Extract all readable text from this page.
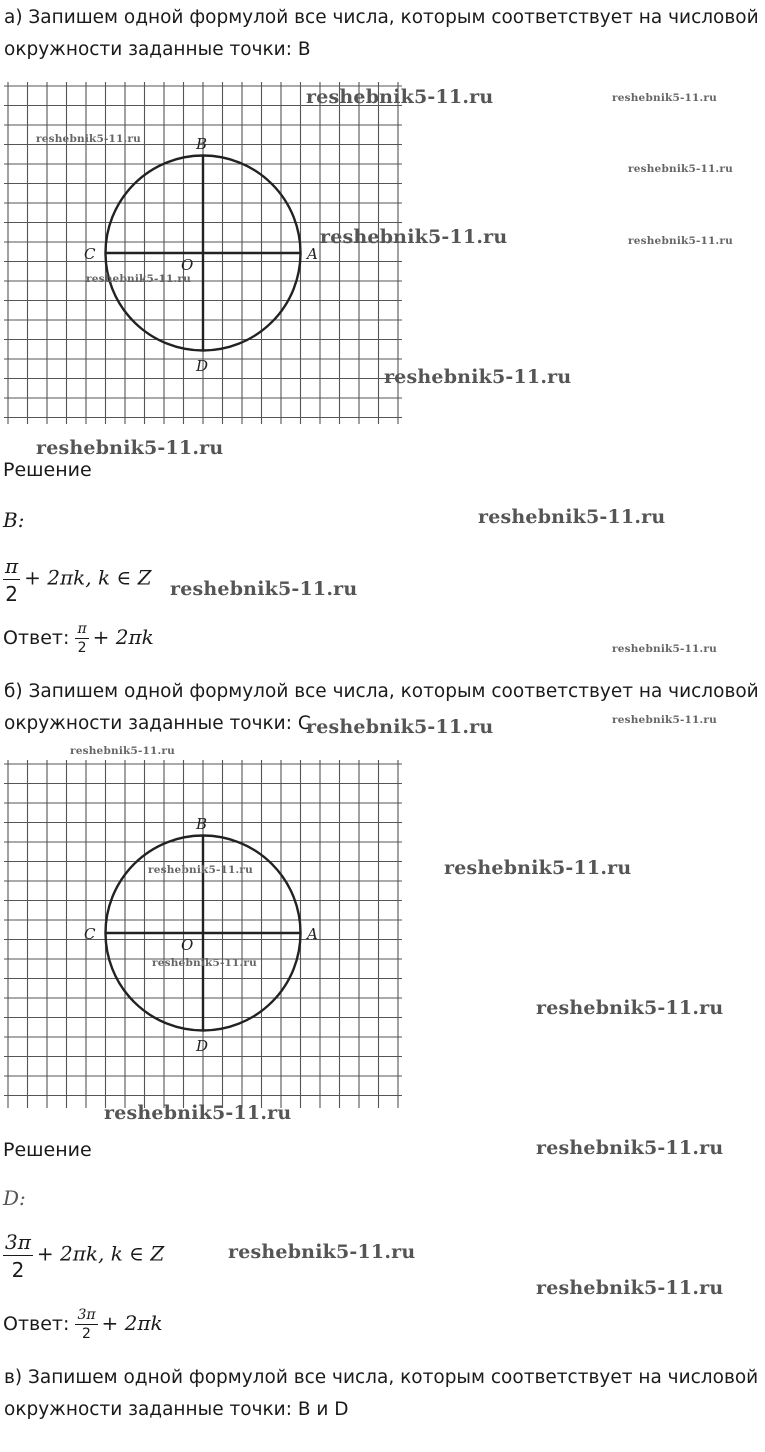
а) Запишем одной формулой все числа, которым соответствует на числовой окружности заданные точки: B
B
C	A
O
D
Решение
B:
$\frac{\pi}{2} + 2\pi k$, k ∈ Z
Ответ: $\frac{\pi}{2} + 2\pi k$
б) Запишем одной формулой все числа, которым соответствует на числовой окружности заданные точки: C
B
C	A
O
D
Решение
D:
$\frac{3\pi}{2} + 2\pi k$, k ∈ Z
Ответ: $\frac{3\pi}{2} + 2\pi k$
в) Запишем одной формулой все числа, которым соответствует на числовой окружности заданные точки: B и D
reshebnik5-11.ru	reshebnik5-11.ru
reshebnik5-11.ru
reshebnik5-11.ru
reshebnik5-11.ru	reshebnik5-11.ru
reshebnik5-11.ru
reshebnik5-11.ru
reshebnik5-11.ru
reshebnik5-11.ru
reshebnik5-11.ru
reshebnik5-11.ru
reshebnik5-11.ru	reshebnik5-11.ru
reshebnik5-11.ru
reshebnik5-11.ru
reshebnik5-11.ru
reshebnik5-11.ru
reshebnik5-11.ru
reshebnik5-11.ru
reshebnik5-11.ru
reshebnik5-11.ru
reshebnik5-11.ru
